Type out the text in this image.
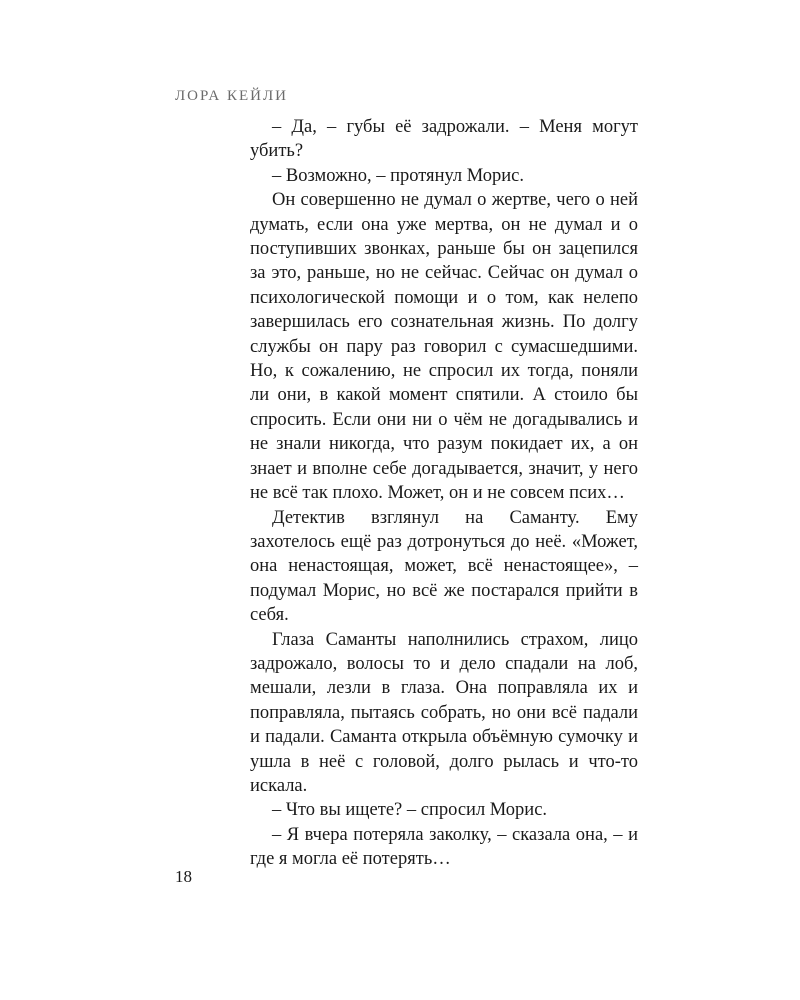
ЛОРА КЕЙЛИ

– Да, – губы её задрожали. – Меня могут убить?

– Возможно, – протянул Морис.

Он совершенно не думал о жертве, чего о ней думать, если она уже мертва, он не думал и о поступивших звонках, раньше бы он зацепился за это, раньше, но не сейчас. Сейчас он думал о психологической помощи и о том, как нелепо завершилась его сознательная жизнь. По долгу службы он пару раз говорил с сумасшедшими. Но, к сожалению, не спросил их тогда, поняли ли они, в какой момент спятили. А стоило бы спросить. Если они ни о чём не догадывались и не знали никогда, что разум покидает их, а он знает и вполне себе догадывается, значит, у него не всё так плохо. Может, он и не совсем псих…

Детектив взглянул на Саманту. Ему захотелось ещё раз дотронуться до неё. «Может, она ненастоящая, может, всё ненастоящее», – подумал Морис, но всё же постарался прийти в себя.

Глаза Саманты наполнились страхом, лицо задрожало, волосы то и дело спадали на лоб, мешали, лезли в глаза. Она поправляла их и поправляла, пытаясь собрать, но они всё падали и падали. Саманта открыла объёмную сумочку и ушла в неё с головой, долго рылась и что-то искала.

– Что вы ищете? – спросил Морис.

– Я вчера потеряла заколку, – сказала она, – и где я могла её потерять…

18
